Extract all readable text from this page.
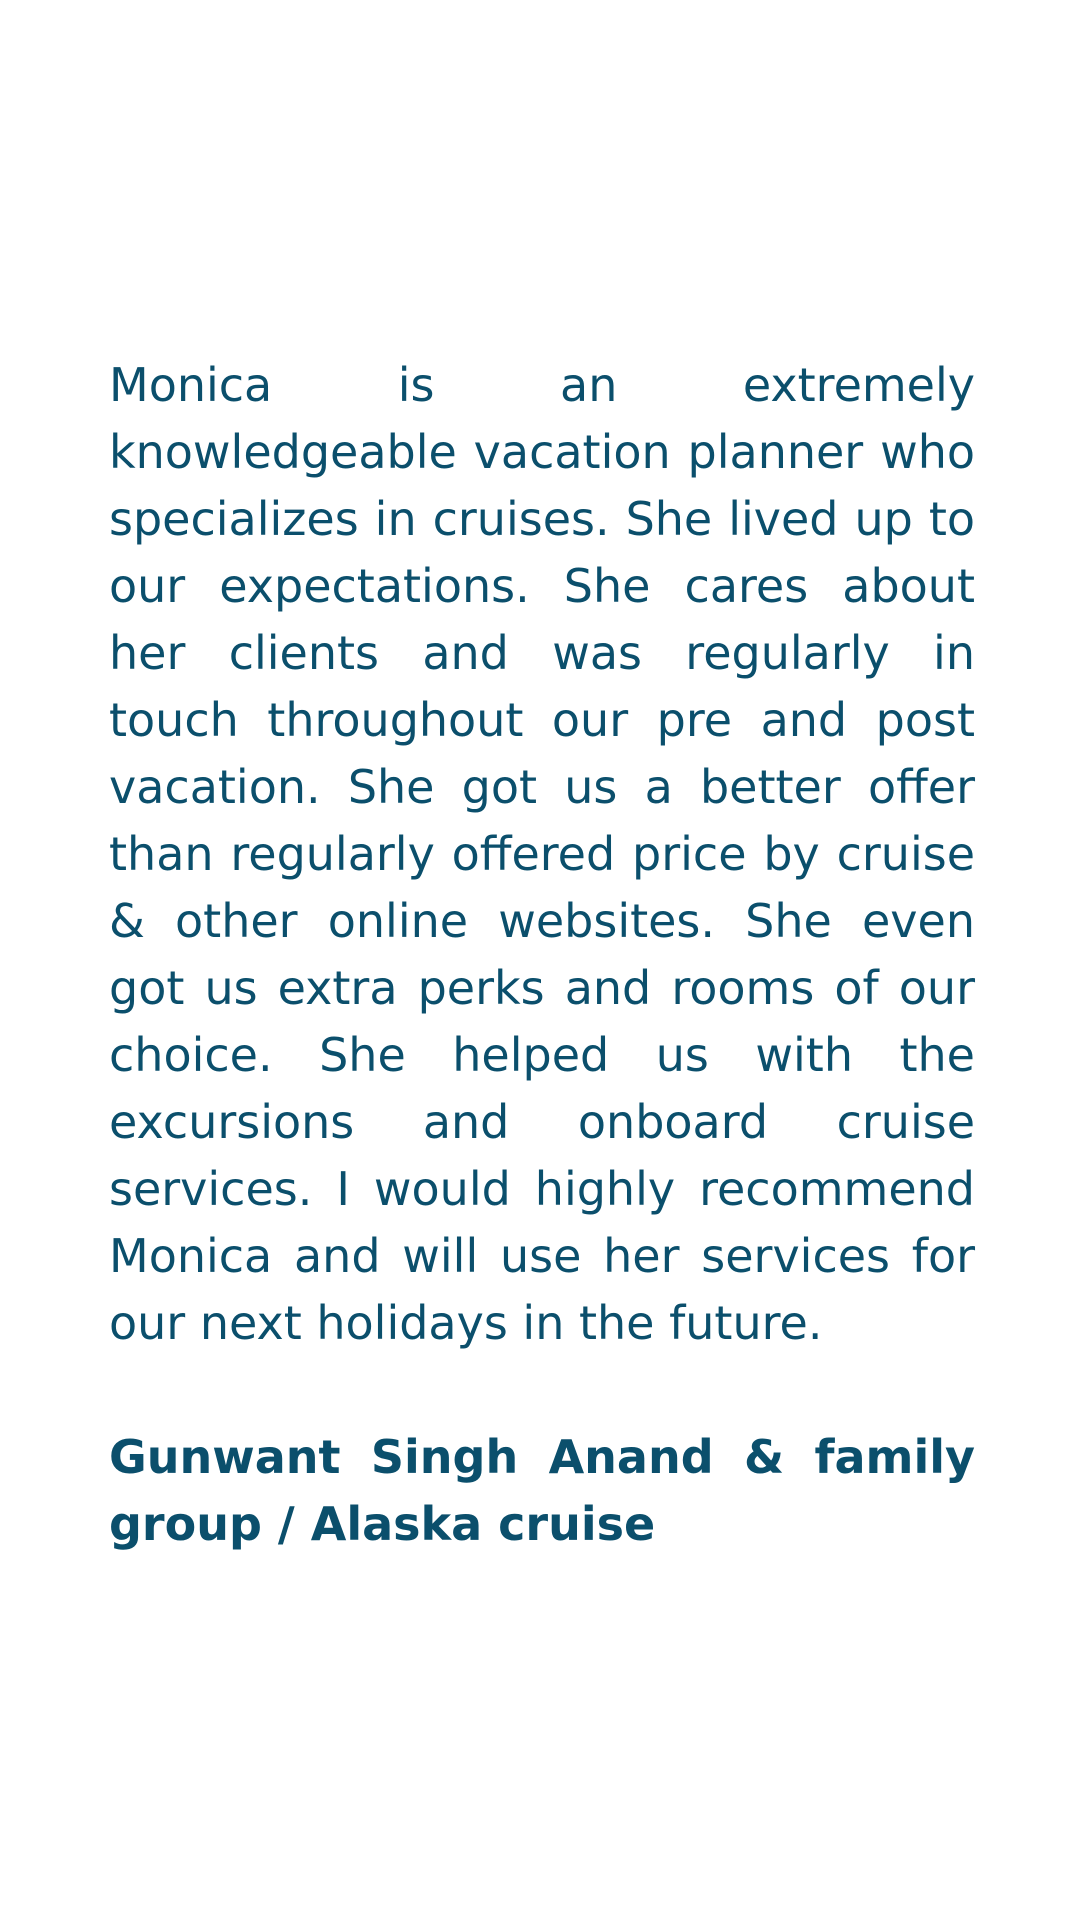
Monica is an extremely knowledgeable vacation planner who specializes in cruises. She lived up to our expectations. She cares about her clients and was regularly in touch throughout our pre and post vacation. She got us a better offer than regularly offered price by cruise & other online websites. She even got us extra perks and rooms of our choice. She helped us with the excursions and onboard cruise services. I would highly recommend Monica and will use her services for our next holidays in the future.

Gunwant Singh Anand & family group / Alaska cruise
